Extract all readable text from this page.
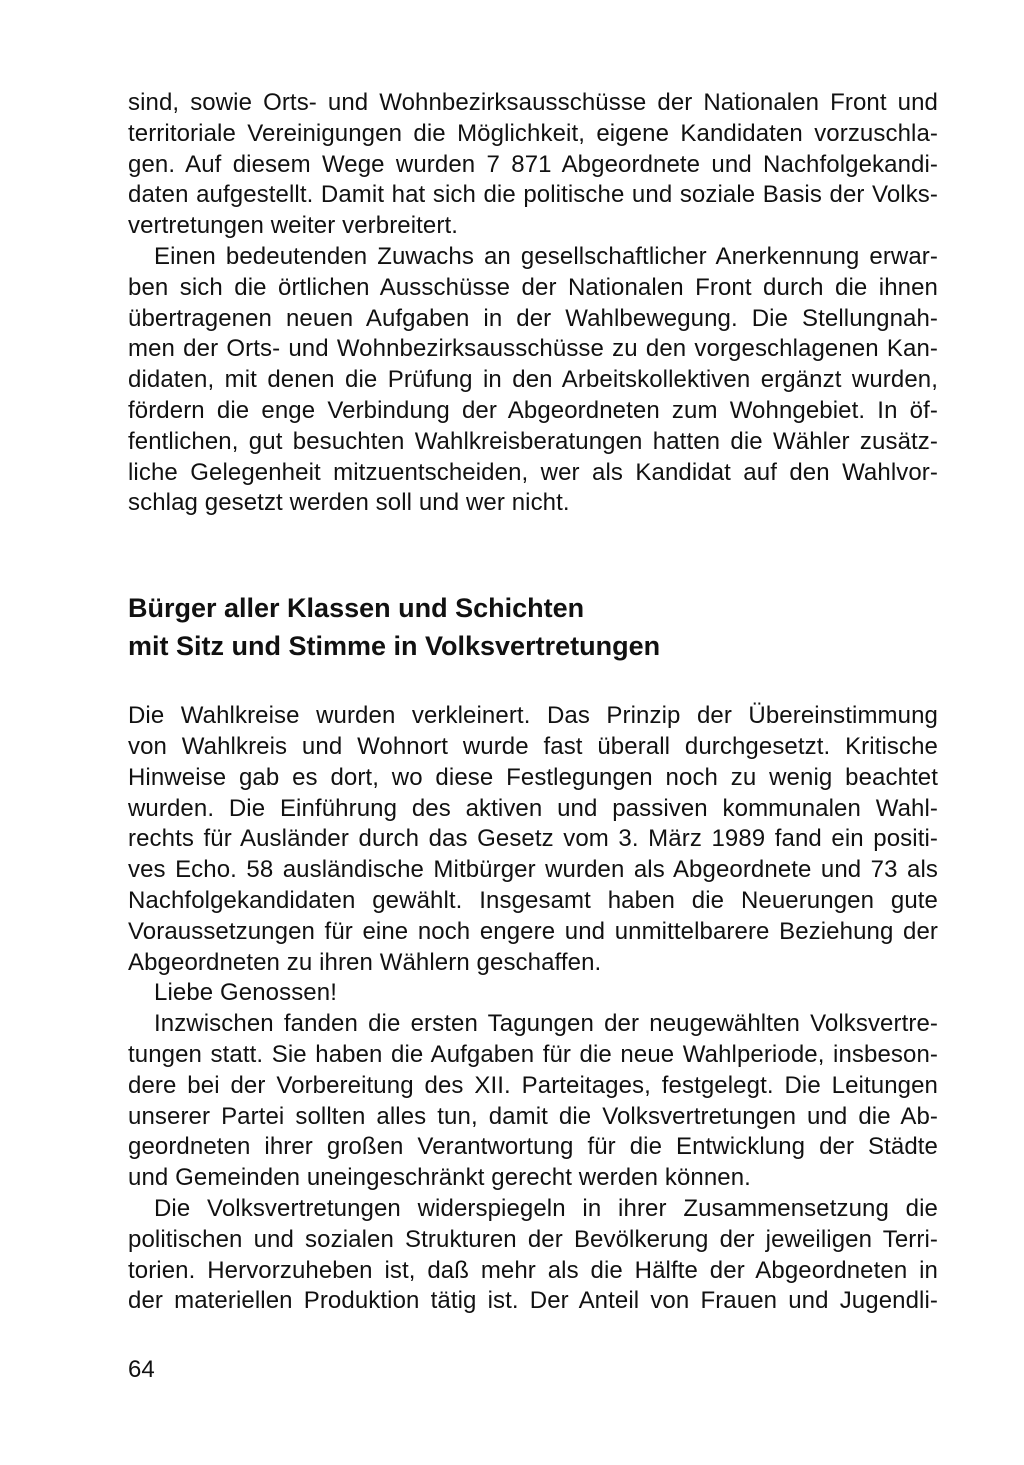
sind, sowie Orts- und Wohnbezirksausschüsse der Nationalen Front und
territoriale Vereinigungen die Möglichkeit, eigene Kandidaten vorzuschla-
gen. Auf diesem Wege wurden 7 871 Abgeordnete und Nachfolgekandi-
daten aufgestellt. Damit hat sich die politische und soziale Basis der Volks-
vertretungen weiter verbreitert.
Einen bedeutenden Zuwachs an gesellschaftlicher Anerkennung erwar-
ben sich die örtlichen Ausschüsse der Nationalen Front durch die ihnen
übertragenen neuen Aufgaben in der Wahlbewegung. Die Stellungnah-
men der Orts- und Wohnbezirksausschüsse zu den vorgeschlagenen Kan-
didaten, mit denen die Prüfung in den Arbeitskollektiven ergänzt wurden,
fördern die enge Verbindung der Abgeordneten zum Wohngebiet. In öf-
fentlichen, gut besuchten Wahlkreisberatungen hatten die Wähler zusätz-
liche Gelegenheit mitzuentscheiden, wer als Kandidat auf den Wahlvor-
schlag gesetzt werden soll und wer nicht.
Bürger aller Klassen und Schichten
mit Sitz und Stimme in Volksvertretungen
Die Wahlkreise wurden verkleinert. Das Prinzip der Übereinstimmung
von Wahlkreis und Wohnort wurde fast überall durchgesetzt. Kritische
Hinweise gab es dort, wo diese Festlegungen noch zu wenig beachtet
wurden. Die Einführung des aktiven und passiven kommunalen Wahl-
rechts für Ausländer durch das Gesetz vom 3. März 1989 fand ein positi-
ves Echo. 58 ausländische Mitbürger wurden als Abgeordnete und 73 als
Nachfolgekandidaten gewählt. Insgesamt haben die Neuerungen gute
Voraussetzungen für eine noch engere und unmittelbarere Beziehung der
Abgeordneten zu ihren Wählern geschaffen.
Liebe Genossen!
Inzwischen fanden die ersten Tagungen der neugewählten Volksvertre-
tungen statt. Sie haben die Aufgaben für die neue Wahlperiode, insbeson-
dere bei der Vorbereitung des XII. Parteitages, festgelegt. Die Leitungen
unserer Partei sollten alles tun, damit die Volksvertretungen und die Ab-
geordneten ihrer großen Verantwortung für die Entwicklung der Städte
und Gemeinden uneingeschränkt gerecht werden können.
Die Volksvertretungen widerspiegeln in ihrer Zusammensetzung die
politischen und sozialen Strukturen der Bevölkerung der jeweiligen Terri-
torien. Hervorzuheben ist, daß mehr als die Hälfte der Abgeordneten in
der materiellen Produktion tätig ist. Der Anteil von Frauen und Jugendli-
64
